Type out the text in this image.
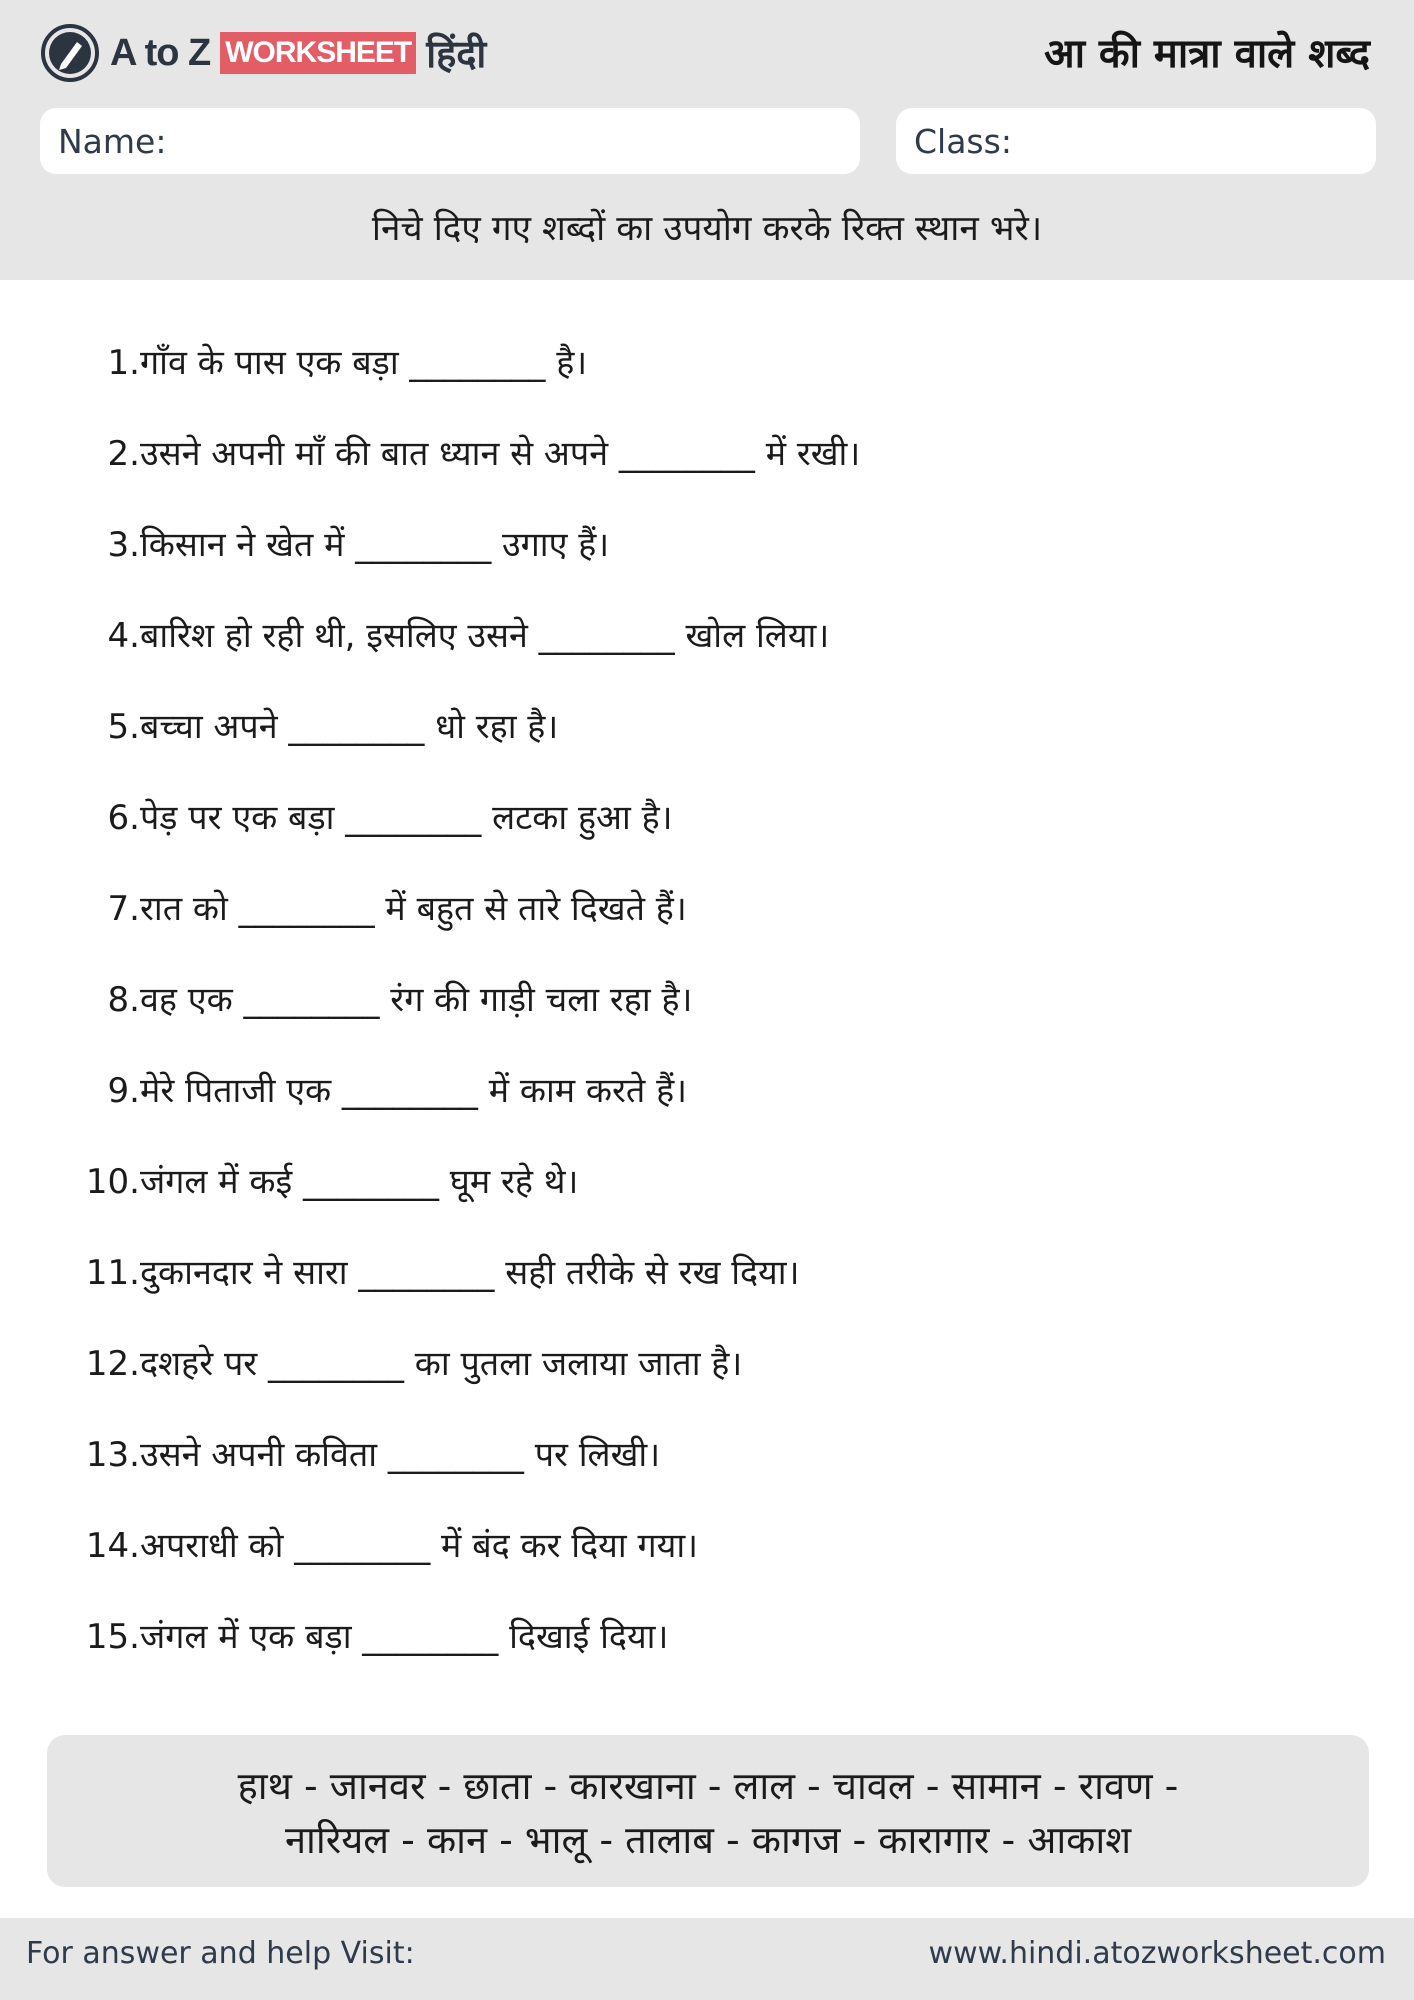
A to Z WORKSHEET हिंदी	आ की मात्रा वाले शब्द
Name:	Class:
निचे दिए गए शब्दों का उपयोग करके रिक्त स्थान भरे।
1.गाँव के पास एक बड़ा ________ है।
2.उसने अपनी माँ की बात ध्यान से अपने ________ में रखी।
3.किसान ने खेत में ________ उगाए हैं।
4.बारिश हो रही थी, इसलिए उसने ________ खोल लिया।
5.बच्चा अपने ________ धो रहा है।
6.पेड़ पर एक बड़ा ________ लटका हुआ है।
7.रात को ________ में बहुत से तारे दिखते हैं।
8.वह एक ________ रंग की गाड़ी चला रहा है।
9.मेरे पिताजी एक ________ में काम करते हैं।
10.जंगल में कई ________ घूम रहे थे।
11.दुकानदार ने सारा ________ सही तरीके से रख दिया।
12.दशहरे पर ________ का पुतला जलाया जाता है।
13.उसने अपनी कविता ________ पर लिखी।
14.अपराधी को ________ में बंद कर दिया गया।
15.जंगल में एक बड़ा ________ दिखाई दिया।
हाथ - जानवर - छाता - कारखाना - लाल - चावल - सामान - रावण -
नारियल - कान - भालू - तालाब - कागज - कारागार - आकाश
For answer and help Visit:	www.hindi.atozworksheet.com
